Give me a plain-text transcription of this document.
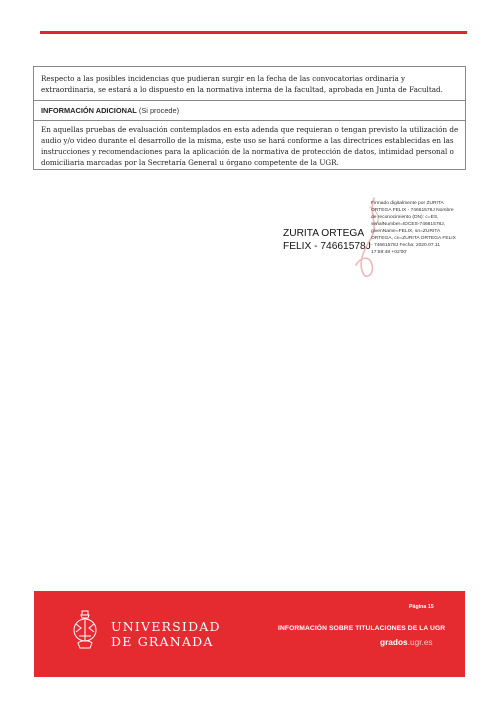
Respecto a las posibles incidencias que pudieran surgir en la fecha de las convocatorias ordinaria y extraordinaria, se estará a lo dispuesto en la normativa interna de la facultad, aprobada en Junta de Facultad.
INFORMACIÓN ADICIONAL (Si procede)
En aquellas pruebas de evaluación contemplados en esta adenda que requieran o tengan previsto la utilización de audio y/o video durante el desarrollo de la misma, este uso se hará conforme a las directrices establecidas en las instrucciones y recomendaciones para la aplicación de la normativa de protección de datos, intimidad personal o domiciliaria marcadas por la Secretaría General u órgano competente de la UGR.
ZURITA ORTEGA
FELIX - 74661578J
Firmado digitalmente por ZURITA ORTEGA FELIX - 74661578J Nombre de reconocimiento (DN): c=ES, serialNumber=IDCES-74661578J, givenName=FELIX, sn=ZURITA ORTEGA, cn=ZURITA ORTEGA FELIX - 74661578J Fecha: 2020.07.11 17:59:48 +02'00'
UNIVERSIDAD
DE GRANADA
Página 15
INFORMACIÓN SOBRE TITULACIONES DE LA UGR
grados.ugr.es
